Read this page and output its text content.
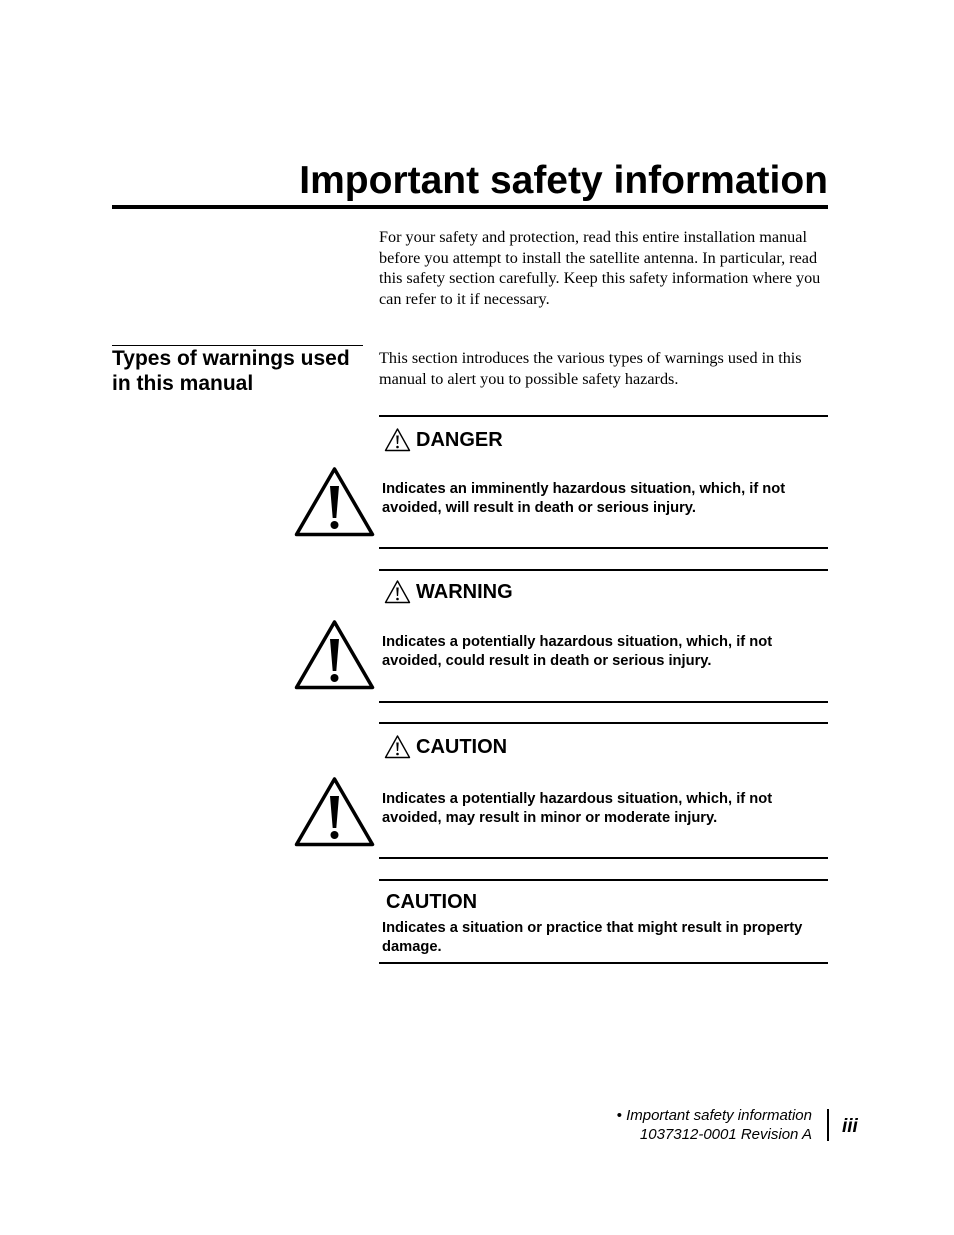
Important safety information

For your safety and protection, read this entire installation manual before you attempt to install the satellite antenna. In particular, read this safety section carefully. Keep this safety information where you can refer to it if necessary.

Types of warnings used in this manual

This section introduces the various types of warnings used in this manual to alert you to possible safety hazards.

DANGER

Indicates an imminently hazardous situation, which, if not avoided, will result in death or serious injury.

WARNING

Indicates a potentially hazardous situation, which, if not avoided, could result in death or serious injury.

CAUTION

Indicates a potentially hazardous situation, which, if not avoided, may result in minor or moderate injury.

CAUTION

Indicates a situation or practice that might result in property damage.

• Important safety information
1037312-0001 Revision A iii
